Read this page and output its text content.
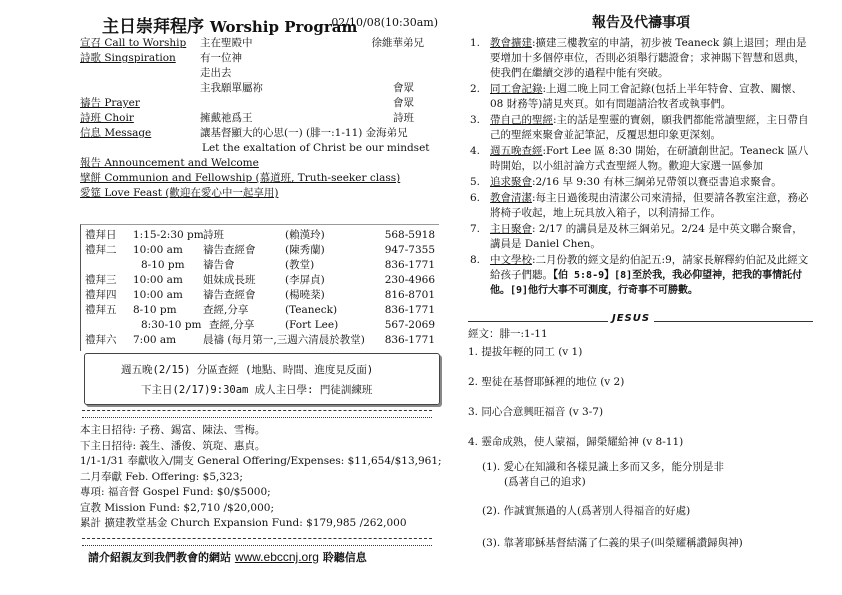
主日崇拜程序 Worship Program
02/10/08(10:30am)
宣召 Call to Worship 主在聖殿中	徐維華弟兄
詩歌 Singspiration 有一位神
走出去
主我願單屬祢	會眾
禱告 Prayer	會眾
詩班 Choir	擁戴祂爲王	詩班
信息 Message	讓基督顯大的心思(一) (腓一:1-11) 金海弟兄
Let the exaltation of Christ be our mindset
報告 Announcement and Welcome
擘餅 Communion and Fellowship (慕道班, Truth-seeker class)
愛筵 Love Feast (歡迎在愛心中一起享用)
禮拜日	1:15-2:30 pm 詩班	(賴漢玲)	568-5918
禮拜二	10:00 am 禱告查經會	(陳秀蘭)	947-7355
8-10 pm 禱告會	(教堂)	836-1771
禮拜三	10:00 am 姐妹成長班	(李屏貞)	230-4966
禮拜四	10:00 am 禱告查經會	(楊曉棻)	816-8701
禮拜五	8-10 pm	查經,分享	(Teaneck)	836-1771
8:30-10 pm 查經,分享	(Fort Lee)	567-2069
禮拜六	7:00 am	晨禱 (每月第一,三週六清晨於教堂) 836-1771
週五晚(2/15) 分區查經 (地點、時間、進度見反面)
下主日(2/17)9:30am 成人主日學: 門徒訓練班
本主日招待: 子務、錫富、陳法、雪梅。
下主日招待: 義生、潘俊、筑琁、惠貞。
1/1-1/31 奉獻收入/開支 General Offering/Expenses: $11,654/$13,961;
二月奉獻 Feb. Offering: $5,323;
專項: 福音督 Gospel Fund: $0/$5000;
宣教 Mission Fund: $2,710 /$20,000;
累計 擴建教堂基金 Church Expansion Fund: $179,985 /262,000
請介紹親友到我們教會的網站 www.ebccnj.org 聆聽信息
報告及代禱事項
1. 教會擴建:擴建三樓教室的申請，初步被 Teaneck 鎮上退回；理由是要增加十多個停車位，否則必須舉行聽證會；求神賜下智慧和恩典，使我們在繼續交涉的過程中能有突破。
2. 同工會記錄:上週二晚上同工會記錄(包括上半年特會、宣教、關懷、08 財務等)請見夾頁。如有問題請洽牧者或執事們。
3. 帶自己的聖經:主的話是聖靈的寶劍，願我們都能常讀聖經，主日帶自己的聖經來聚會並記筆記，反覆思想印象更深刻。
4. 週五晚查經:Fort Lee 區 8:30 開始，在研讀創世記。Teaneck 區八時開始，以小組討論方式查聖經人物。歡迎大家選一區參加
5. 追求聚會:2/16 早 9:30 有林三綱弟兄帶領以賽亞書追求聚會。
6. 教會清潔:每主日過後現由清潔公司來清掃，但要請各教室注意，務必將椅子收起，地上玩具放入箱子，以利清掃工作。
7. 主日聚會: 2/17 的講員是及林三綱弟兄。2/24 是中英文聯合聚會，講員是 Daniel Chen。
8. 中文學校:二月份教的經文是約伯記五:9，請家長解釋約伯記及此經文給孩子們聽。【伯 5:8-9】[8]至於我，我必仰望神，把我的事情託付他。[9]他行大事不可測度，行奇事不可勝數。
JESUS
經文：腓一:1-11
1. 提拔年輕的同工 (v 1)
2. 聖徒在基督耶穌裡的地位 (v 2)
3. 同心合意興旺福音 (v 3-7)
4. 靈命成熟，使人蒙福，歸榮耀給神 (v 8-11)
(1). 愛心在知識和各樣見識上多而又多，能分別是非
(爲著自己的追求)
(2). 作誠實無過的人(爲著別人得福音的好處)
(3). 靠著耶穌基督結滿了仁義的果子(叫榮耀稱讚歸與神)
